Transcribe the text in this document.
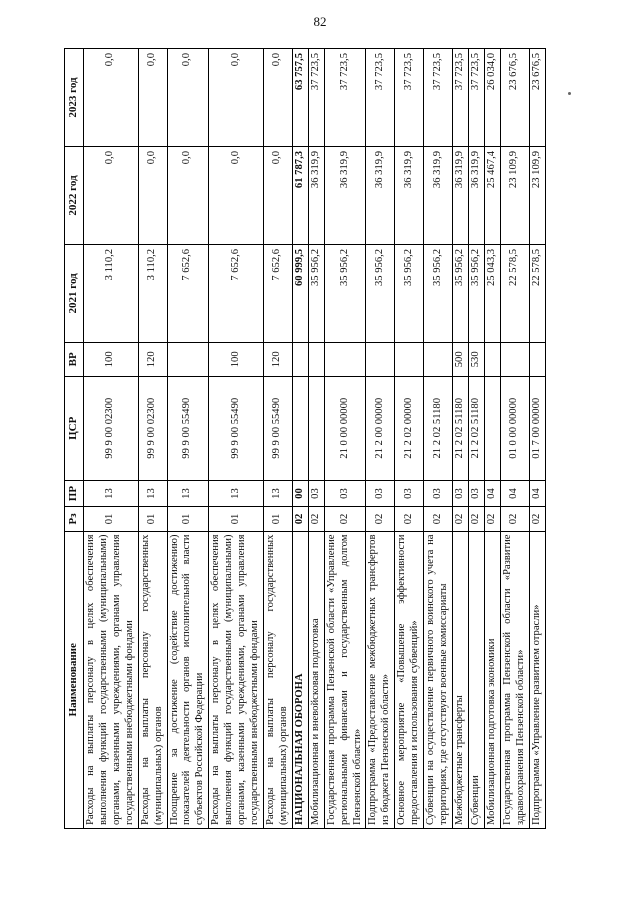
82
Наименование	Рз	ПР	ЦСР	ВР	2021 год	2022 год	2023 год
Расходы на выплаты персоналу в целях обеспечения выполнения функций государственными (муниципальными) органами, казенными учреждениями, органами управления государственными внебюджетными фондами	01	13	99 9 00 02300	100	3 110,2	0,0	0,0
Расходы на выплаты персоналу государственных (муниципальных) органов	01	13	99 9 00 02300	120	3 110,2	0,0	0,0
Поощрение за достижение (содействие достижению) показателей деятельности органов исполнительной власти субъектов Российской Федерации	01	13	99 9 00 55490		7 652,6	0,0	0,0
Расходы на выплаты персоналу в целях обеспечения выполнения функций государственными (муниципальными) органами, казенными учреждениями, органами управления государственными внебюджетными фондами	01	13	99 9 00 55490	100	7 652,6	0,0	0,0
Расходы на выплаты персоналу государственных (муниципальных) органов	01	13	99 9 00 55490	120	7 652,6	0,0	0,0
НАЦИОНАЛЬНАЯ ОБОРОНА	02	00			60 999,5	61 787,3	63 757,5
Мобилизационная и вневойсковая подготовка	02	03			35 956,2	36 319,9	37 723,5
Государственная программа Пензенской области «Управление региональными финансами и государственным долгом Пензенской области»	02	03	21 0 00 00000		35 956,2	36 319,9	37 723,5
Подпрограмма «Предоставление межбюджетных трансфертов из бюджета Пензенской области»	02	03	21 2 00 00000		35 956,2	36 319,9	37 723,5
Основное мероприятие «Повышение эффективности предоставления и использования субвенций»	02	03	21 2 02 00000		35 956,2	36 319,9	37 723,5
Субвенции на осуществление первичного воинского учета на территориях, где отсутствуют военные комиссариаты	02	03	21 2 02 51180		35 956,2	36 319,9	37 723,5
Межбюджетные трансферты	02	03	21 2 02 51180	500	35 956,2	36 319,9	37 723,5
Субвенции	02	03	21 2 02 51180	530	35 956,2	36 319,9	37 723,5
Мобилизационная подготовка экономики	02	04			25 043,3	25 467,4	26 034,0
Государственная программа Пензенской области «Развитие здравоохранения Пензенской области»	02	04	01 0 00 00000		22 578,5	23 109,9	23 676,5
Подпрограмма «Управление развитием отрасли»	02	04	01 7 00 00000		22 578,5	23 109,9	23 676,5
